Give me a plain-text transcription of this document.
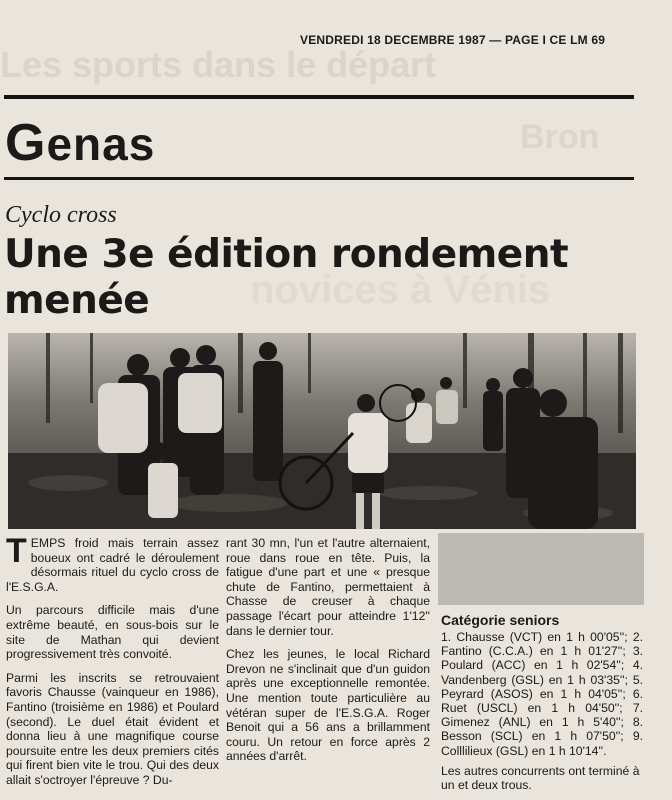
Les sports dans le départ
Bron
novices à Vénis
VENDREDI 18 DECEMBRE 1987 — PAGE I CE LM 69
Genas
Cyclo cross
Une 3e édition rondement menée

TEMPS froid mais terrain assez boueux ont cadré le déroulement désormais rituel du cyclo cross de l'E.S.G.A.

Un parcours difficile mais d'une extrême beauté, en sous-bois sur le site de Mathan qui devient progressivement très convoité.

Parmi les inscrits se retrouvaient favoris Chausse (vainqueur en 1986), Fantino (troisième en 1986) et Poulard (second). Le duel était évident et donna lieu à une magnifique course poursuite entre les deux premiers cités qui firent bien vite le trou. Qui des deux allait s'octroyer l'épreuve ? Du-

rant 30 mn, l'un et l'autre alternaient, roue dans roue en tête. Puis, la fatigue d'une part et une « presque chute de Fantino, permettaient à Chasse de creuser à chaque passage l'écart pour atteindre 1'12'' dans le dernier tour.

Chez les jeunes, le local Richard Drevon ne s'inclinait que d'un guidon après une exceptionnelle remontée. Une mention toute particulière au vétéran super de l'E.S.G.A. Roger Benoit qui a 56 ans a brillamment couru. Un retour en force après 2 années d'arrêt.

Catégorie seniors
1. Chausse (VCT) en 1 h 00'05''; 2. Fantino (C.C.A.) en 1 h 01'27''; 3. Poulard (ACC) en 1 h 02'54''; 4. Vandenberg (GSL) en 1 h 03'35''; 5. Peyrard (ASOS) en 1 h 04'05''; 6. Ruet (USCL) en 1 h 04'50''; 7. Gimenez (ANL) en 1 h 5'40''; 8. Besson (SCL) en 1 h 07'50''; 9. Colllilieux (GSL) en 1 h 10'14''.
Les autres concurrents ont terminé à un et deux trous.
